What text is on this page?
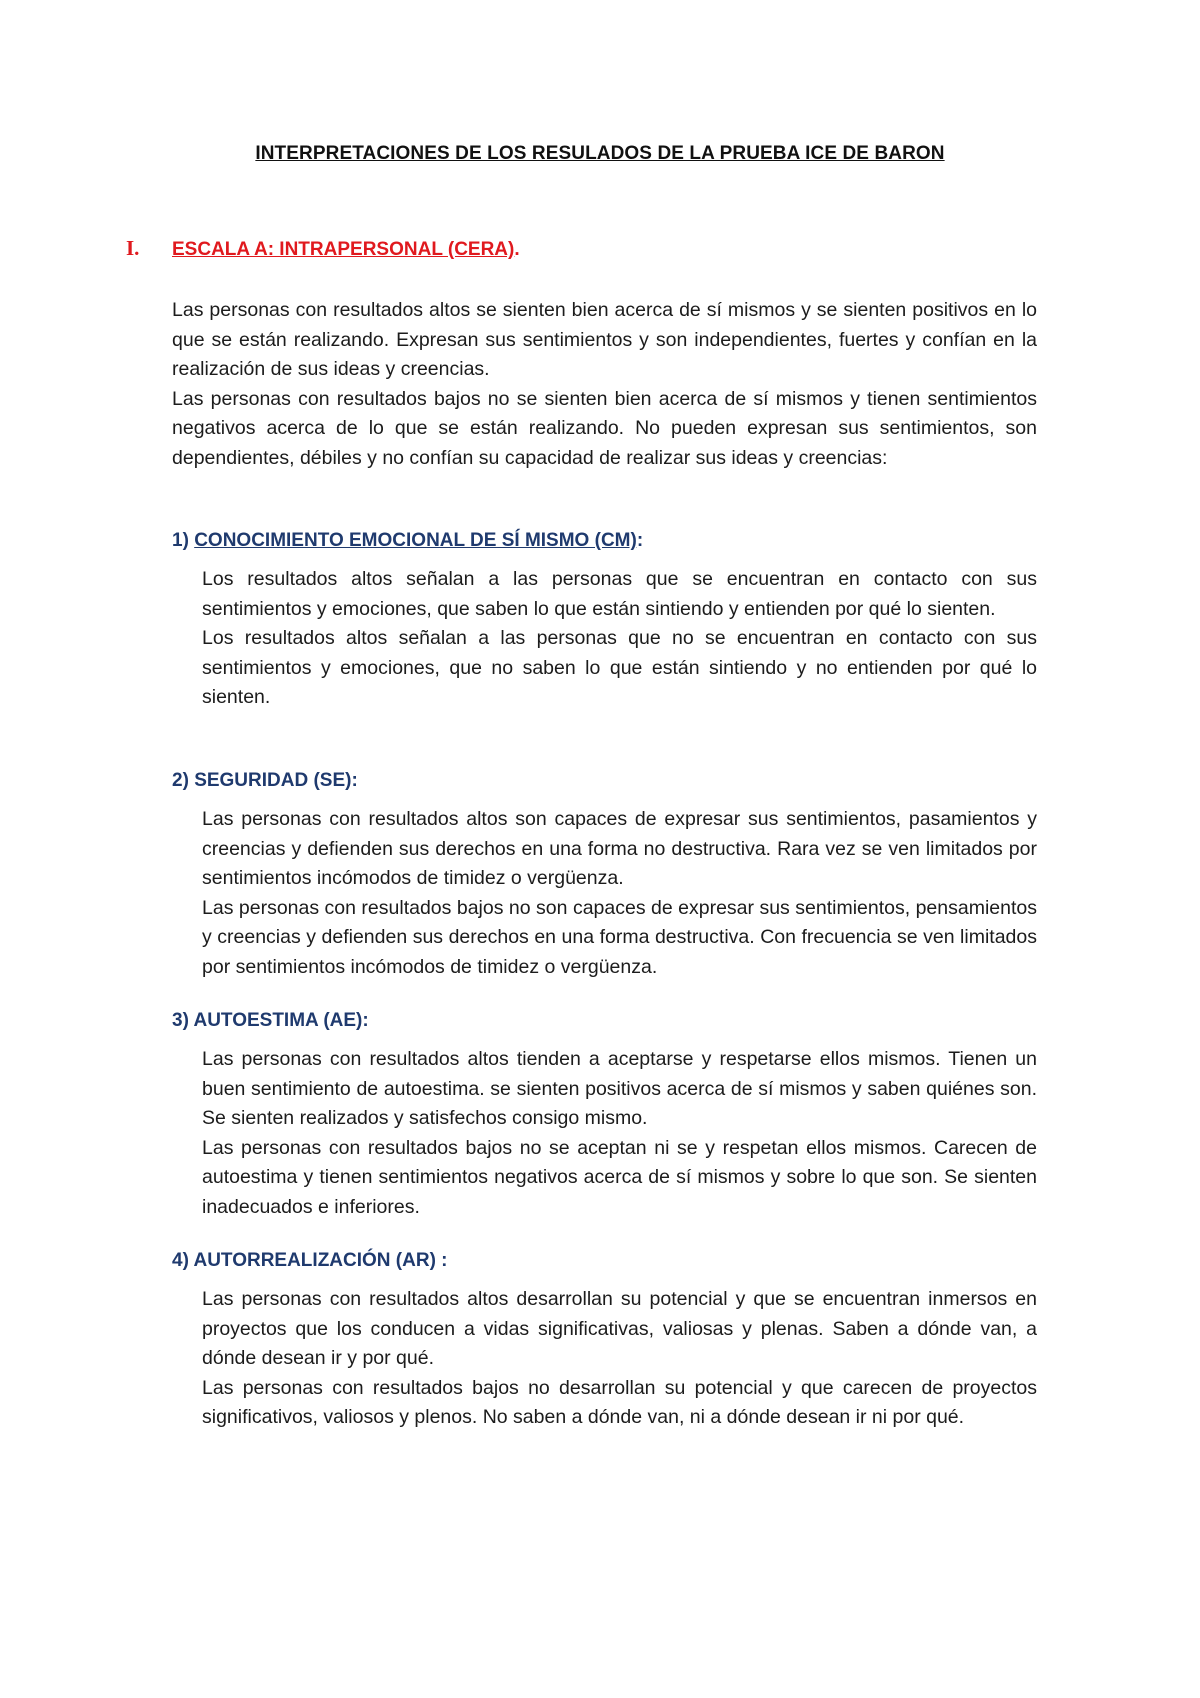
INTERPRETACIONES DE LOS RESULADOS DE LA PRUEBA ICE DE BARON
I. ESCALA A: INTRAPERSONAL (CERA).

Las personas con resultados altos se sienten bien acerca de sí mismos y se sienten positivos en lo que se están realizando. Expresan sus sentimientos y son independientes, fuertes y confían en la realización de sus ideas y creencias.

Las personas con resultados bajos no se sienten bien acerca de sí mismos y tienen sentimientos negativos acerca de lo que se están realizando. No pueden expresan sus sentimientos, son dependientes, débiles y no confían su capacidad de realizar sus ideas y creencias:

1) CONOCIMIENTO EMOCIONAL DE SÍ MISMO (CM):

Los resultados altos señalan a las personas que se encuentran en contacto con sus sentimientos y emociones, que saben lo que están sintiendo y entienden por qué lo sienten.

Los resultados altos señalan a las personas que no se encuentran en contacto con sus sentimientos y emociones, que no saben lo que están sintiendo y no entienden por qué lo sienten.

2) SEGURIDAD (SE):

Las personas con resultados altos son capaces de expresar sus sentimientos, pasamientos y creencias y defienden sus derechos en una forma no destructiva. Rara vez se ven limitados por sentimientos incómodos de timidez o vergüenza.

Las personas con resultados bajos no son capaces de expresar sus sentimientos, pensamientos y creencias y defienden sus derechos en una forma destructiva. Con frecuencia se ven limitados por sentimientos incómodos de timidez o vergüenza.

3) AUTOESTIMA (AE):

Las personas con resultados altos tienden a aceptarse y respetarse ellos mismos. Tienen un buen sentimiento de autoestima. se sienten positivos acerca de sí mismos y saben quiénes son. Se sienten realizados y satisfechos consigo mismo.

Las personas con resultados bajos no se aceptan ni se y respetan ellos mismos. Carecen de autoestima y tienen sentimientos negativos acerca de sí mismos y sobre lo que son. Se sienten inadecuados e inferiores.

4) AUTORREALIZACIÓN (AR) :

Las personas con resultados altos desarrollan su potencial y que se encuentran inmersos en proyectos que los conducen a vidas significativas, valiosas y plenas. Saben a dónde van, a dónde desean ir y por qué.

Las personas con resultados bajos no desarrollan su potencial y que carecen de proyectos significativos, valiosos y plenos. No saben a dónde van, ni a dónde desean ir ni por qué.
